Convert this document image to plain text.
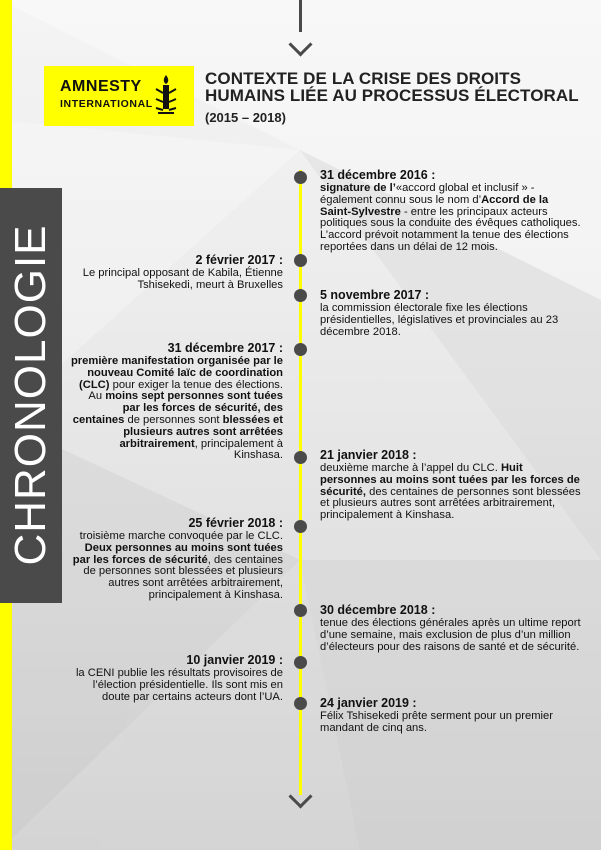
CHRONOLOGIE
AMNESTY
INTERNATIONAL
CONTEXTE DE LA CRISE DES DROITS
HUMAINS LIÉE AU PROCESSUS ÉLECTORAL
(2015 – 2018)
31 décembre 2016 :
signature de l’«accord global et inclusif » - également connu sous le nom d’Accord de la Saint-Sylvestre - entre les principaux acteurs politiques sous la conduite des évêques catholiques. L’accord prévoit notamment la tenue des élections reportées dans un délai de 12 mois.
5 novembre 2017 :
la commission électorale fixe les élections présidentielles, législatives et provinciales au 23 décembre 2018.
21 janvier 2018 :
deuxième marche à l’appel du CLC. Huit personnes au moins sont tuées par les forces de sécurité, des centaines de personnes sont blessées et plusieurs autres sont arrêtées arbitrairement, principalement à Kinshasa.
30 décembre 2018 :
tenue des élections générales après un ultime report d’une semaine, mais exclusion de plus d’un million d’électeurs pour des raisons de santé et de sécurité.
24 janvier 2019 :
Félix Tshisekedi prête serment pour un premier mandant de cinq ans.
2 février 2017 :
Le principal opposant de Kabila, Étienne Tshisekedi, meurt à Bruxelles
31 décembre 2017 :
première manifestation organisée par le nouveau Comité laïc de coordination (CLC) pour exiger la tenue des élections. Au moins sept personnes sont tuées par les forces de sécurité, des centaines de personnes sont blessées et plusieurs autres sont arrêtées arbitrairement, principalement à Kinshasa.
25 février 2018 :
troisième marche convoquée par le CLC. Deux personnes au moins sont tuées par les forces de sécurité, des centaines de personnes sont blessées et plusieurs autres sont arrêtées arbitrairement, principalement à Kinshasa.
10 janvier 2019 :
la CENI publie les résultats provisoires de l’élection présidentielle. Ils sont mis en doute par certains acteurs dont l’UA.
